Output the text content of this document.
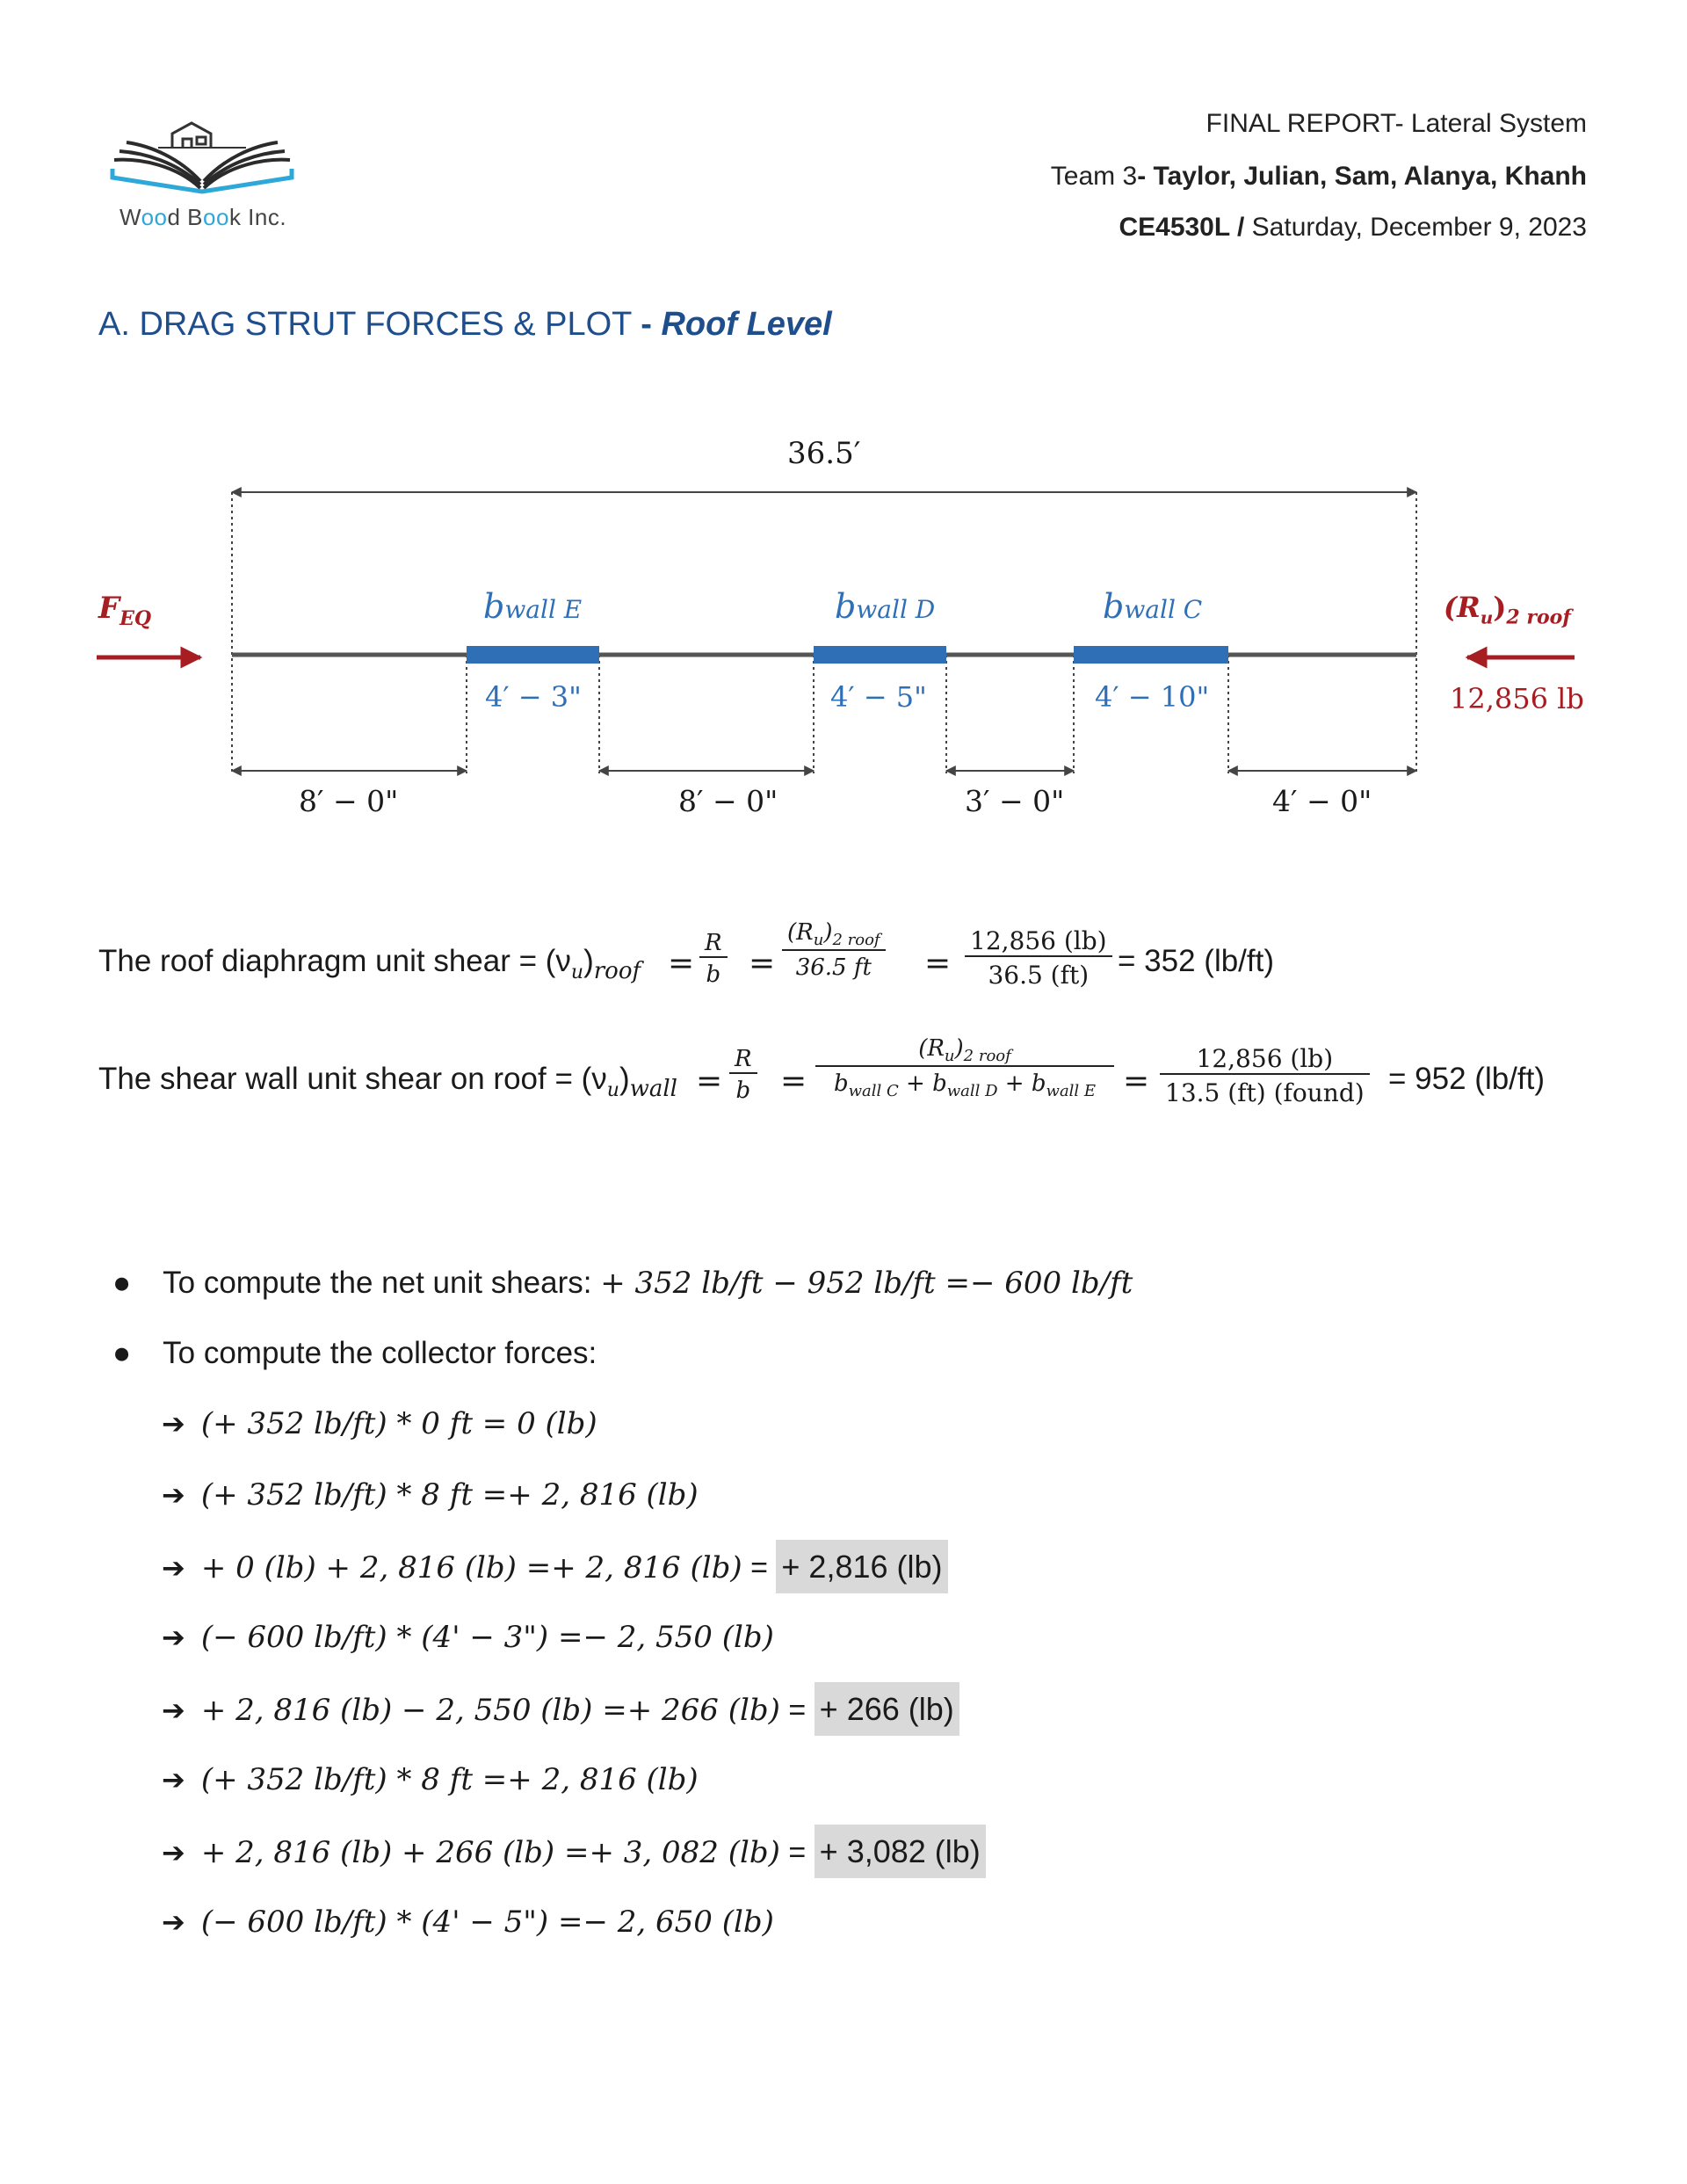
Wood Book Inc.
FINAL REPORT- Lateral System
Team 3- Taylor, Julian, Sam, Alanya, Khanh
CE4530L / Saturday, December 9, 2023
A. DRAG STRUT FORCES & PLOT - Roof Level
36.5′
$F_{EQ}$	$(R_u)_{2 roof}$
12,856 lb
bwall E	bwall D	bwall C
4′ − 3"	4′ − 5"	4′ − 10"
8′ − 0"	8′ − 0"	3′ − 0"	4′ − 0"
The roof diaphragm unit shear = $(\nu_u)_{roof} = \frac{R}{b}$ =
$(R_u)_{2 roof}$
36.5 ft	= $\frac{12,856 (lb)}{36.5 (ft)} = 352$ (lb/ft)
The shear wall unit shear on roof = $(\nu_u)_{wall} = \frac{R}{b}$ =
$(R_u)_{2 roof}$
$b_{wall C} + b_{wall D} + b_{wall E}$ =
12,856 (lb)
13.5 (ft) (found) = 952 (lb/ft)
● To compute the net unit shears: + 352 lb/ft − 952 lb/ft =− 600 lb/ft
● To compute the collector forces:
➔ (+ 352 lb/ft) * 0 ft = 0 (lb)
➔ (+ 352 lb/ft) * 8 ft =+ 2, 816 (lb)
➔ + 0 (lb) + 2, 816 (lb) =+ 2, 816 (lb) = + 2,816 (lb)
➔ (− 600 lb/ft) * (4' − 3") =− 2, 550 (lb)
➔ + 2, 816 (lb) − 2, 550 (lb) =+ 266 (lb) = + 266 (lb)
➔ (+ 352 lb/ft) * 8 ft =+ 2, 816 (lb)
➔ + 2, 816 (lb) + 266 (lb) =+ 3, 082 (lb) = + 3,082 (lb)
➔ (− 600 lb/ft) * (4' − 5") =− 2, 650 (lb)
